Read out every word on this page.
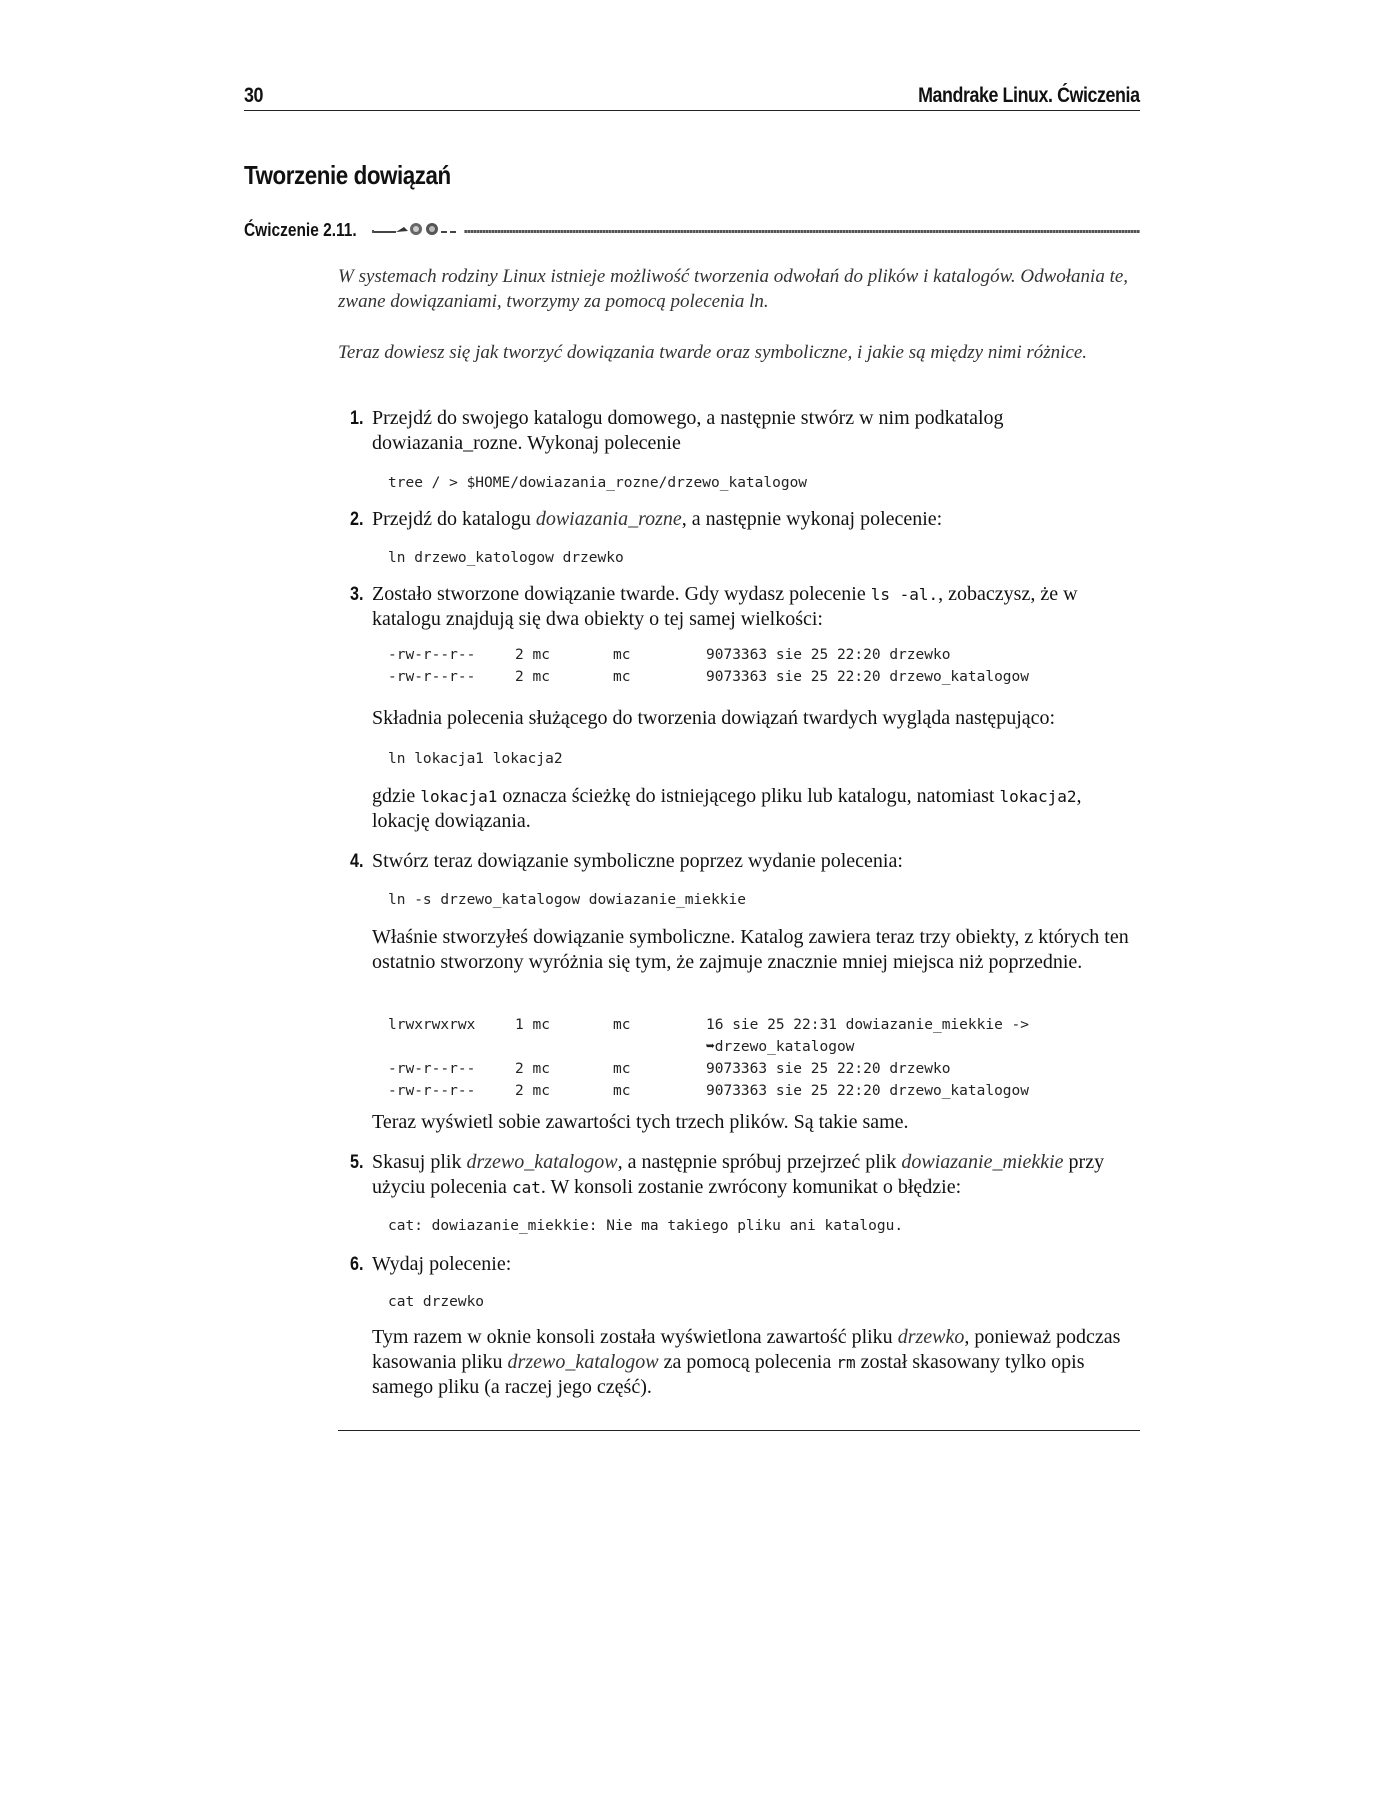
30	Mandrake Linux. Ćwiczenia
Tworzenie dowiązań
Ćwiczenie 2.11.
W systemach rodziny Linux istnieje możliwość tworzenia odwołań do plików i katalogów. Odwołania te, zwane dowiązaniami, tworzymy za pomocą polecenia ln.
Teraz dowiesz się jak tworzyć dowiązania twarde oraz symboliczne, i jakie są między nimi różnice.
1. Przejdź do swojego katalogu domowego, a następnie stwórz w nim podkatalog dowiazania_rozne. Wykonaj polecenie
tree / > $HOME/dowiazania_rozne/drzewo_katalogow
2. Przejdź do katalogu dowiazania_rozne, a następnie wykonaj polecenie:
ln drzewo_katologow drzewko
3. Zostało stworzone dowiązanie twarde. Gdy wydasz polecenie ls -al., zobaczysz, że w katalogu znajdują się dwa obiekty o tej samej wielkości:
-rw-r--r--	2 mc	mc	9073363 sie 25 22:20 drzewko
-rw-r--r--	2 mc	mc	9073363 sie 25 22:20 drzewo_katalogow
Składnia polecenia służącego do tworzenia dowiązań twardych wygląda następująco:
ln lokacja1 lokacja2
gdzie lokacja1 oznacza ścieżkę do istniejącego pliku lub katalogu, natomiast lokacja2, lokację dowiązania.
4. Stwórz teraz dowiązanie symboliczne poprzez wydanie polecenia:
ln -s drzewo_katalogow dowiazanie_miekkie
Właśnie stworzyłeś dowiązanie symboliczne. Katalog zawiera teraz trzy obiekty, z których ten ostatnio stworzony wyróżnia się tym, że zajmuje znacznie mniej miejsca niż poprzednie.
lrwxrwxrwx	1 mc	mc	16 sie 25 22:31 dowiazanie_miekkie ->
			➥drzewo_katalogow
-rw-r--r--	2 mc	mc	9073363 sie 25 22:20 drzewko
-rw-r--r--	2 mc	mc	9073363 sie 25 22:20 drzewo_katalogow
Teraz wyświetl sobie zawartości tych trzech plików. Są takie same.
5. Skasuj plik drzewo_katalogow, a następnie spróbuj przejrzeć plik dowiazanie_miekkie przy użyciu polecenia cat. W konsoli zostanie zwrócony komunikat o błędzie:
cat: dowiazanie_miekkie: Nie ma takiego pliku ani katalogu.
6. Wydaj polecenie:
cat drzewko
Tym razem w oknie konsoli została wyświetlona zawartość pliku drzewko, ponieważ podczas kasowania pliku drzewo_katalogow za pomocą polecenia rm został skasowany tylko opis samego pliku (a raczej jego część).
